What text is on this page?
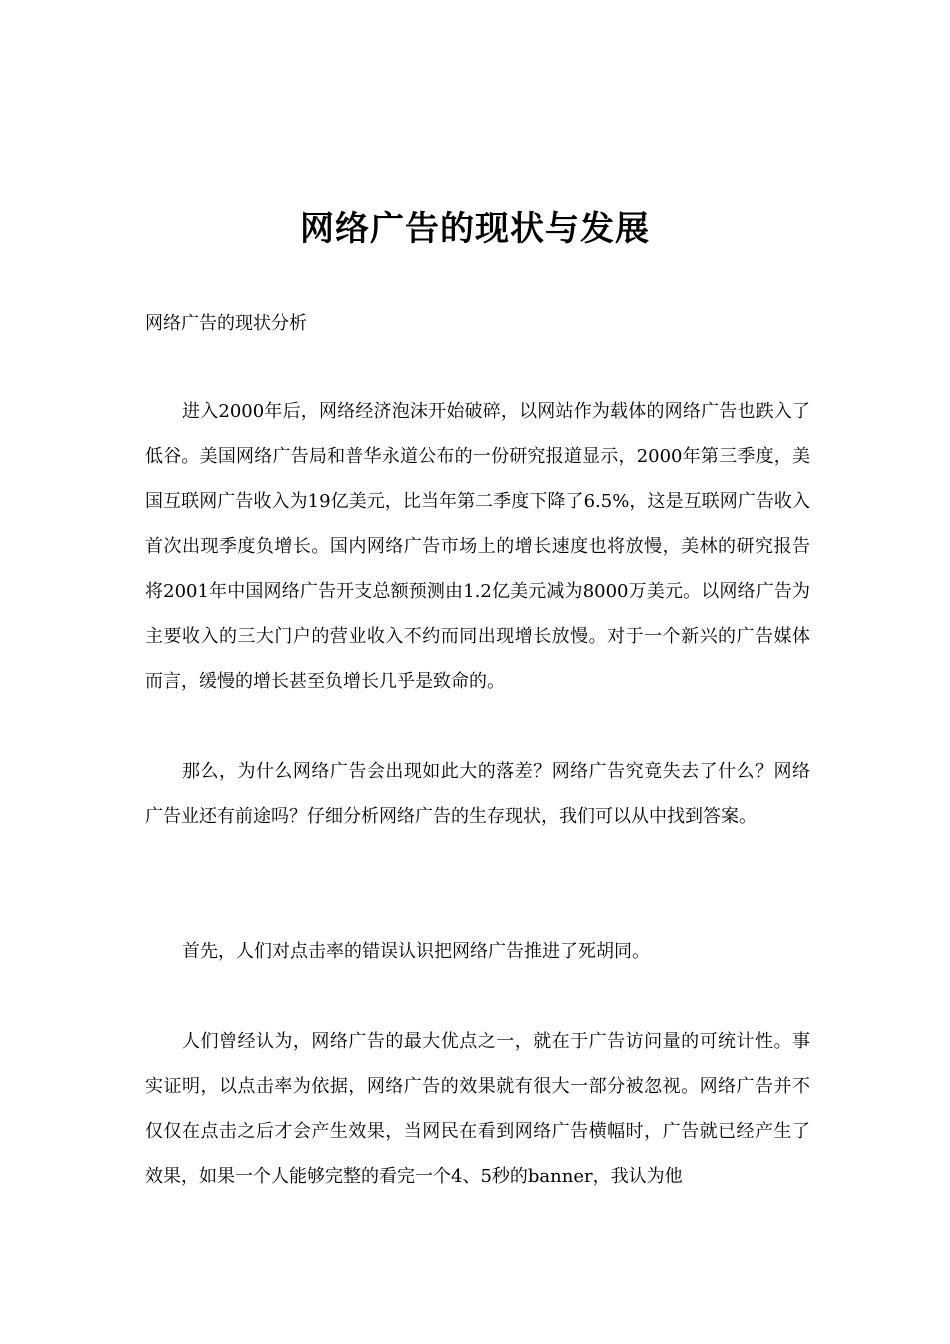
网络广告的现状与发展

网络广告的现状分析

进入2000年后，网络经济泡沫开始破碎，以网站作为载体的网络广告也跌入了低谷。美国网络广告局和普华永道公布的一份研究报道显示，2000年第三季度，美国互联网广告收入为19亿美元，比当年第二季度下降了6.5%，这是互联网广告收入首次出现季度负增长。国内网络广告市场上的增长速度也将放慢，美林的研究报告将2001年中国网络广告开支总额预测由1.2亿美元减为8000万美元。以网络广告为主要收入的三大门户的营业收入不约而同出现增长放慢。对于一个新兴的广告媒体而言，缓慢的增长甚至负增长几乎是致命的。

那么，为什么网络广告会出现如此大的落差？网络广告究竟失去了什么？网络广告业还有前途吗？仔细分析网络广告的生存现状，我们可以从中找到答案。

首先，人们对点击率的错误认识把网络广告推进了死胡同。

人们曾经认为，网络广告的最大优点之一，就在于广告访问量的可统计性。事实证明，以点击率为依据，网络广告的效果就有很大一部分被忽视。网络广告并不仅仅在点击之后才会产生效果，当网民在看到网络广告横幅时，广告就已经产生了效果，如果一个人能够完整的看完一个4、5秒的banner，我认为他
